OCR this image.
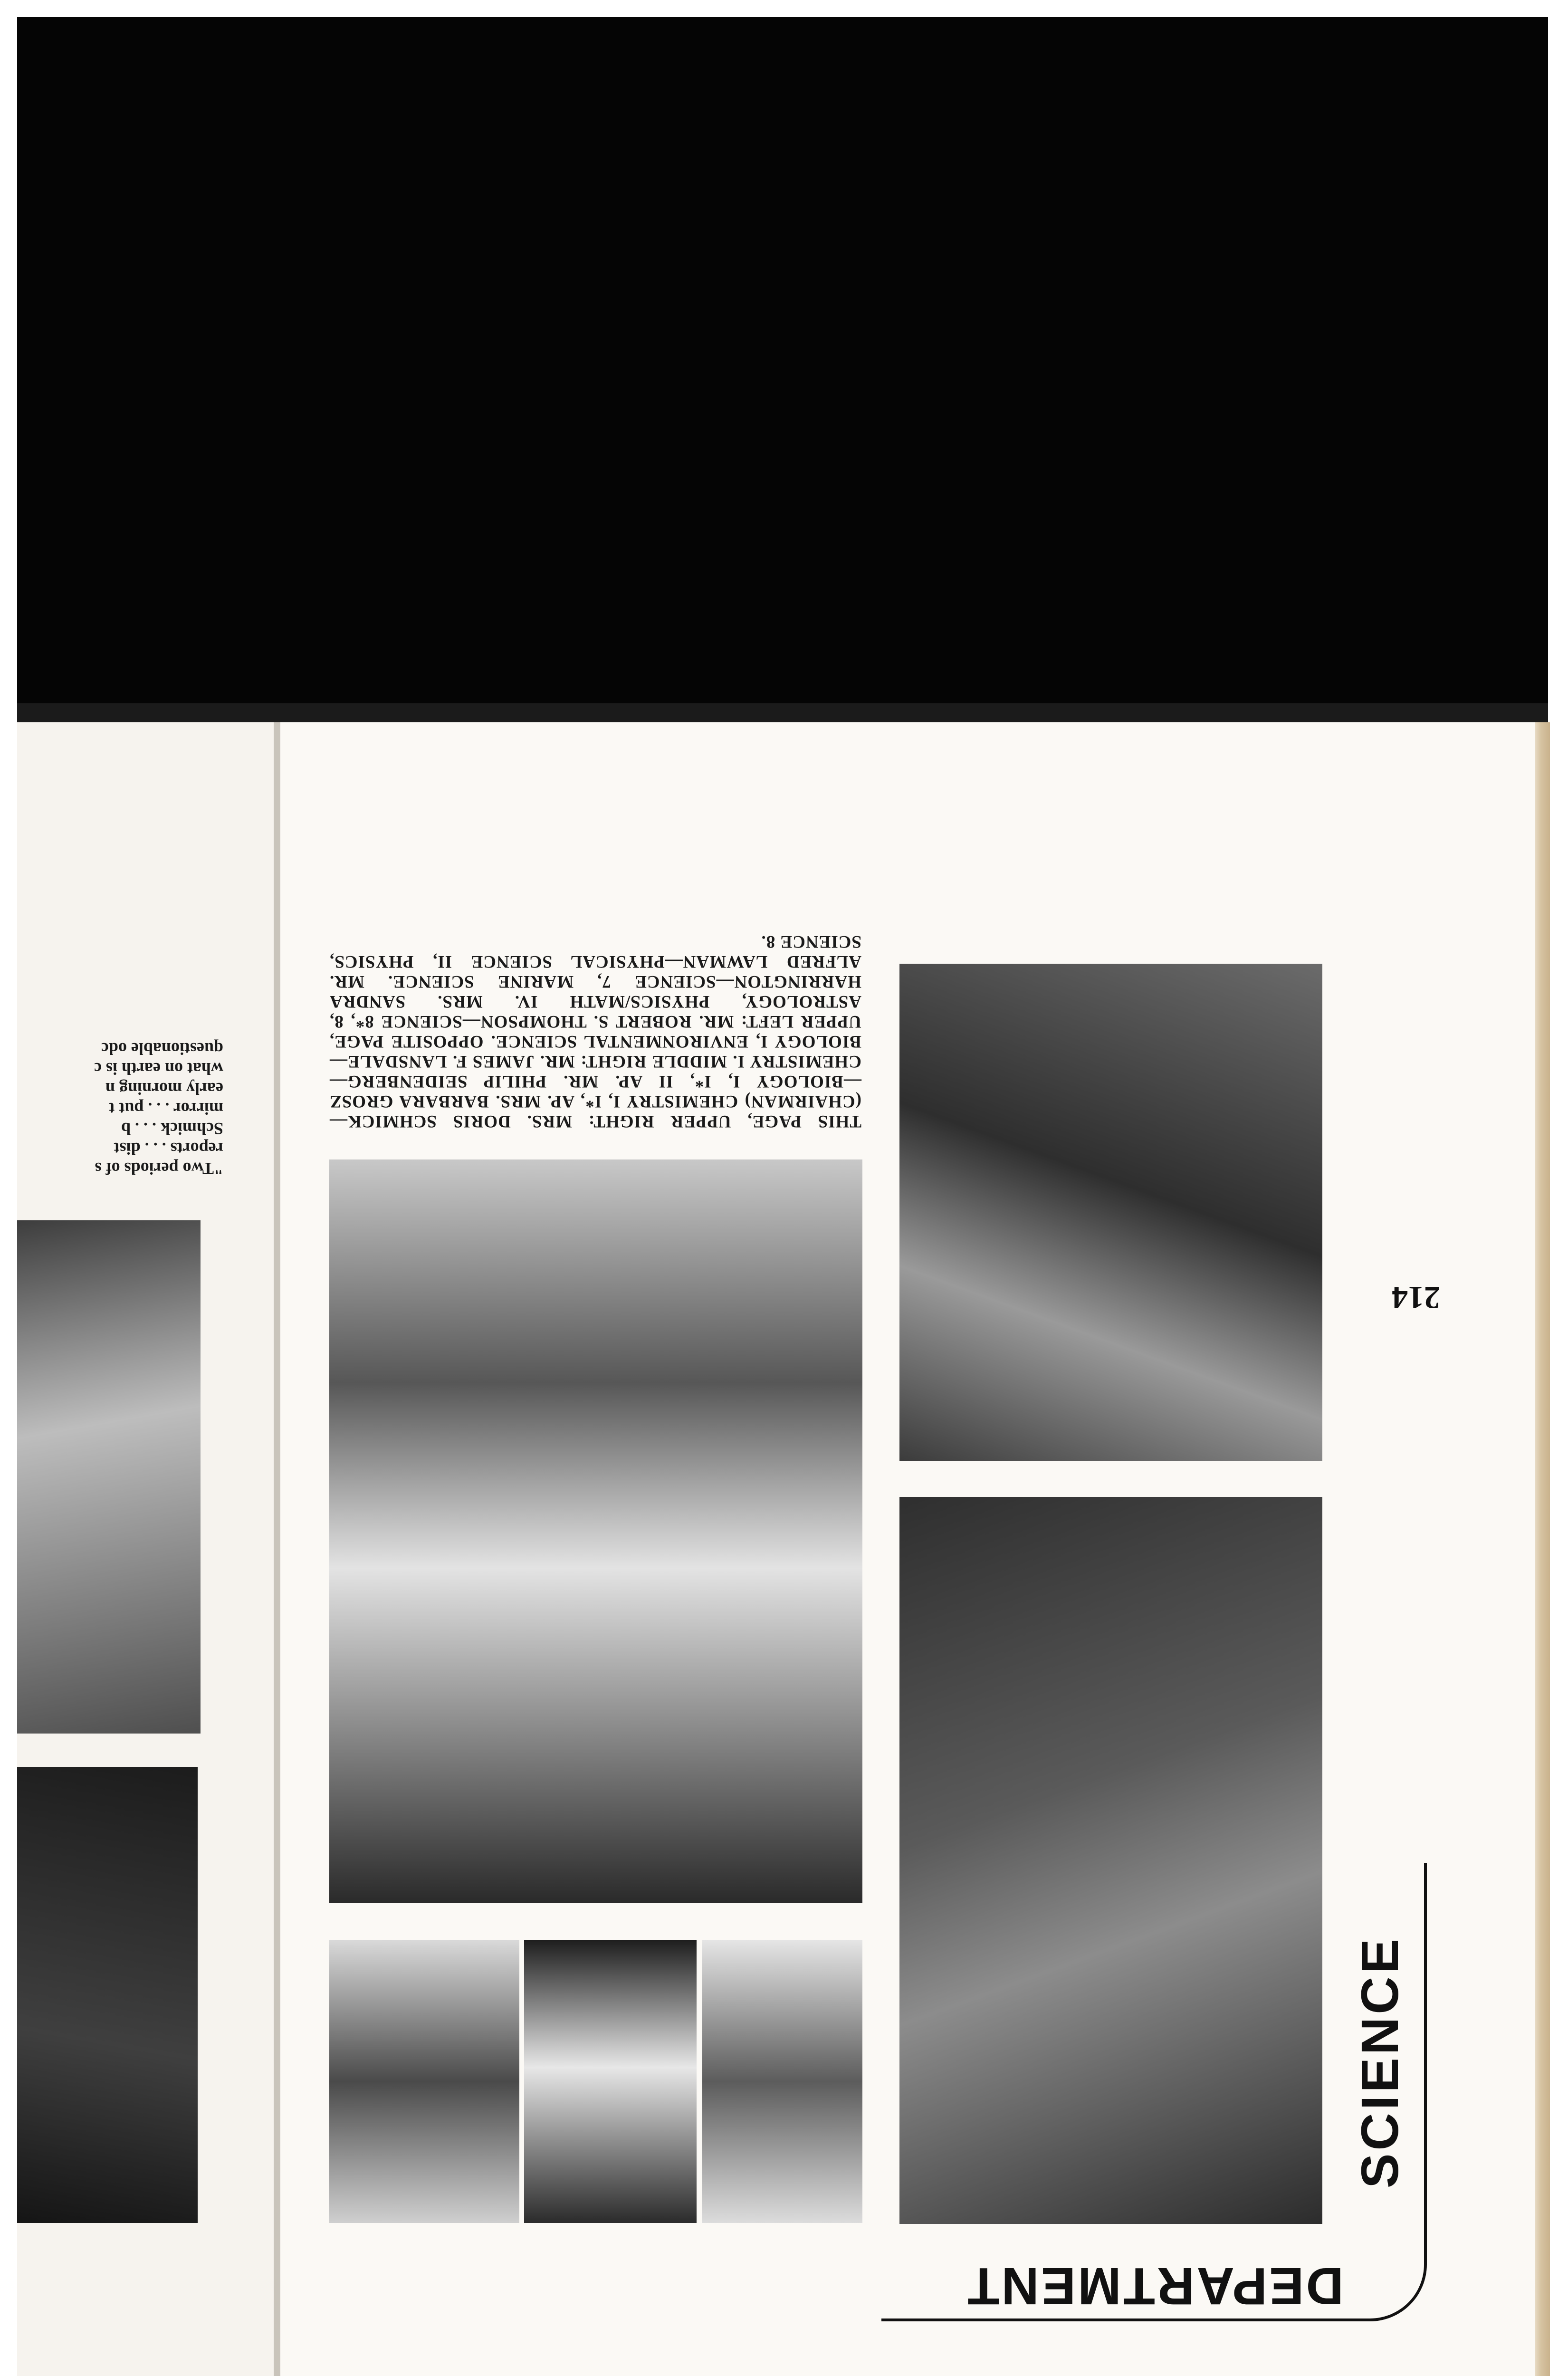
THIS PAGE, UPPER RIGHT: MRS. DORIS SCHMICK—(CHAIRMAN) CHEMISTRY I, I*, AP. MRS. BARBARA GROSZ—BIOLOGY I, I*, II AP. MR. PHILIP SEIDENBERG—CHEMISTRY I. MIDDLE RIGHT: MR. JAMES F. LANSDALE—BIOLOGY I, ENVIRONMENTAL SCIENCE. OPPOSITE PAGE, UPPER LEFT: MR. ROBERT S. THOMPSON—SCIENCE 8*, 8, ASTROLOGY, PHYSICS/MATH IV. MRS. SANDRA HARRINGTON—SCIENCE 7, MARINE SCIENCE. MR. ALFRED LAWMAN—PHYSICAL SCIENCE II, PHYSICS, SCIENCE 8.
214
"Two periods of s
reports . . . dist
Schmick . . . b
mirror . . . put t
early morning n
what on earth is c
questionable odc
SCIENCE
DEPARTMENT
